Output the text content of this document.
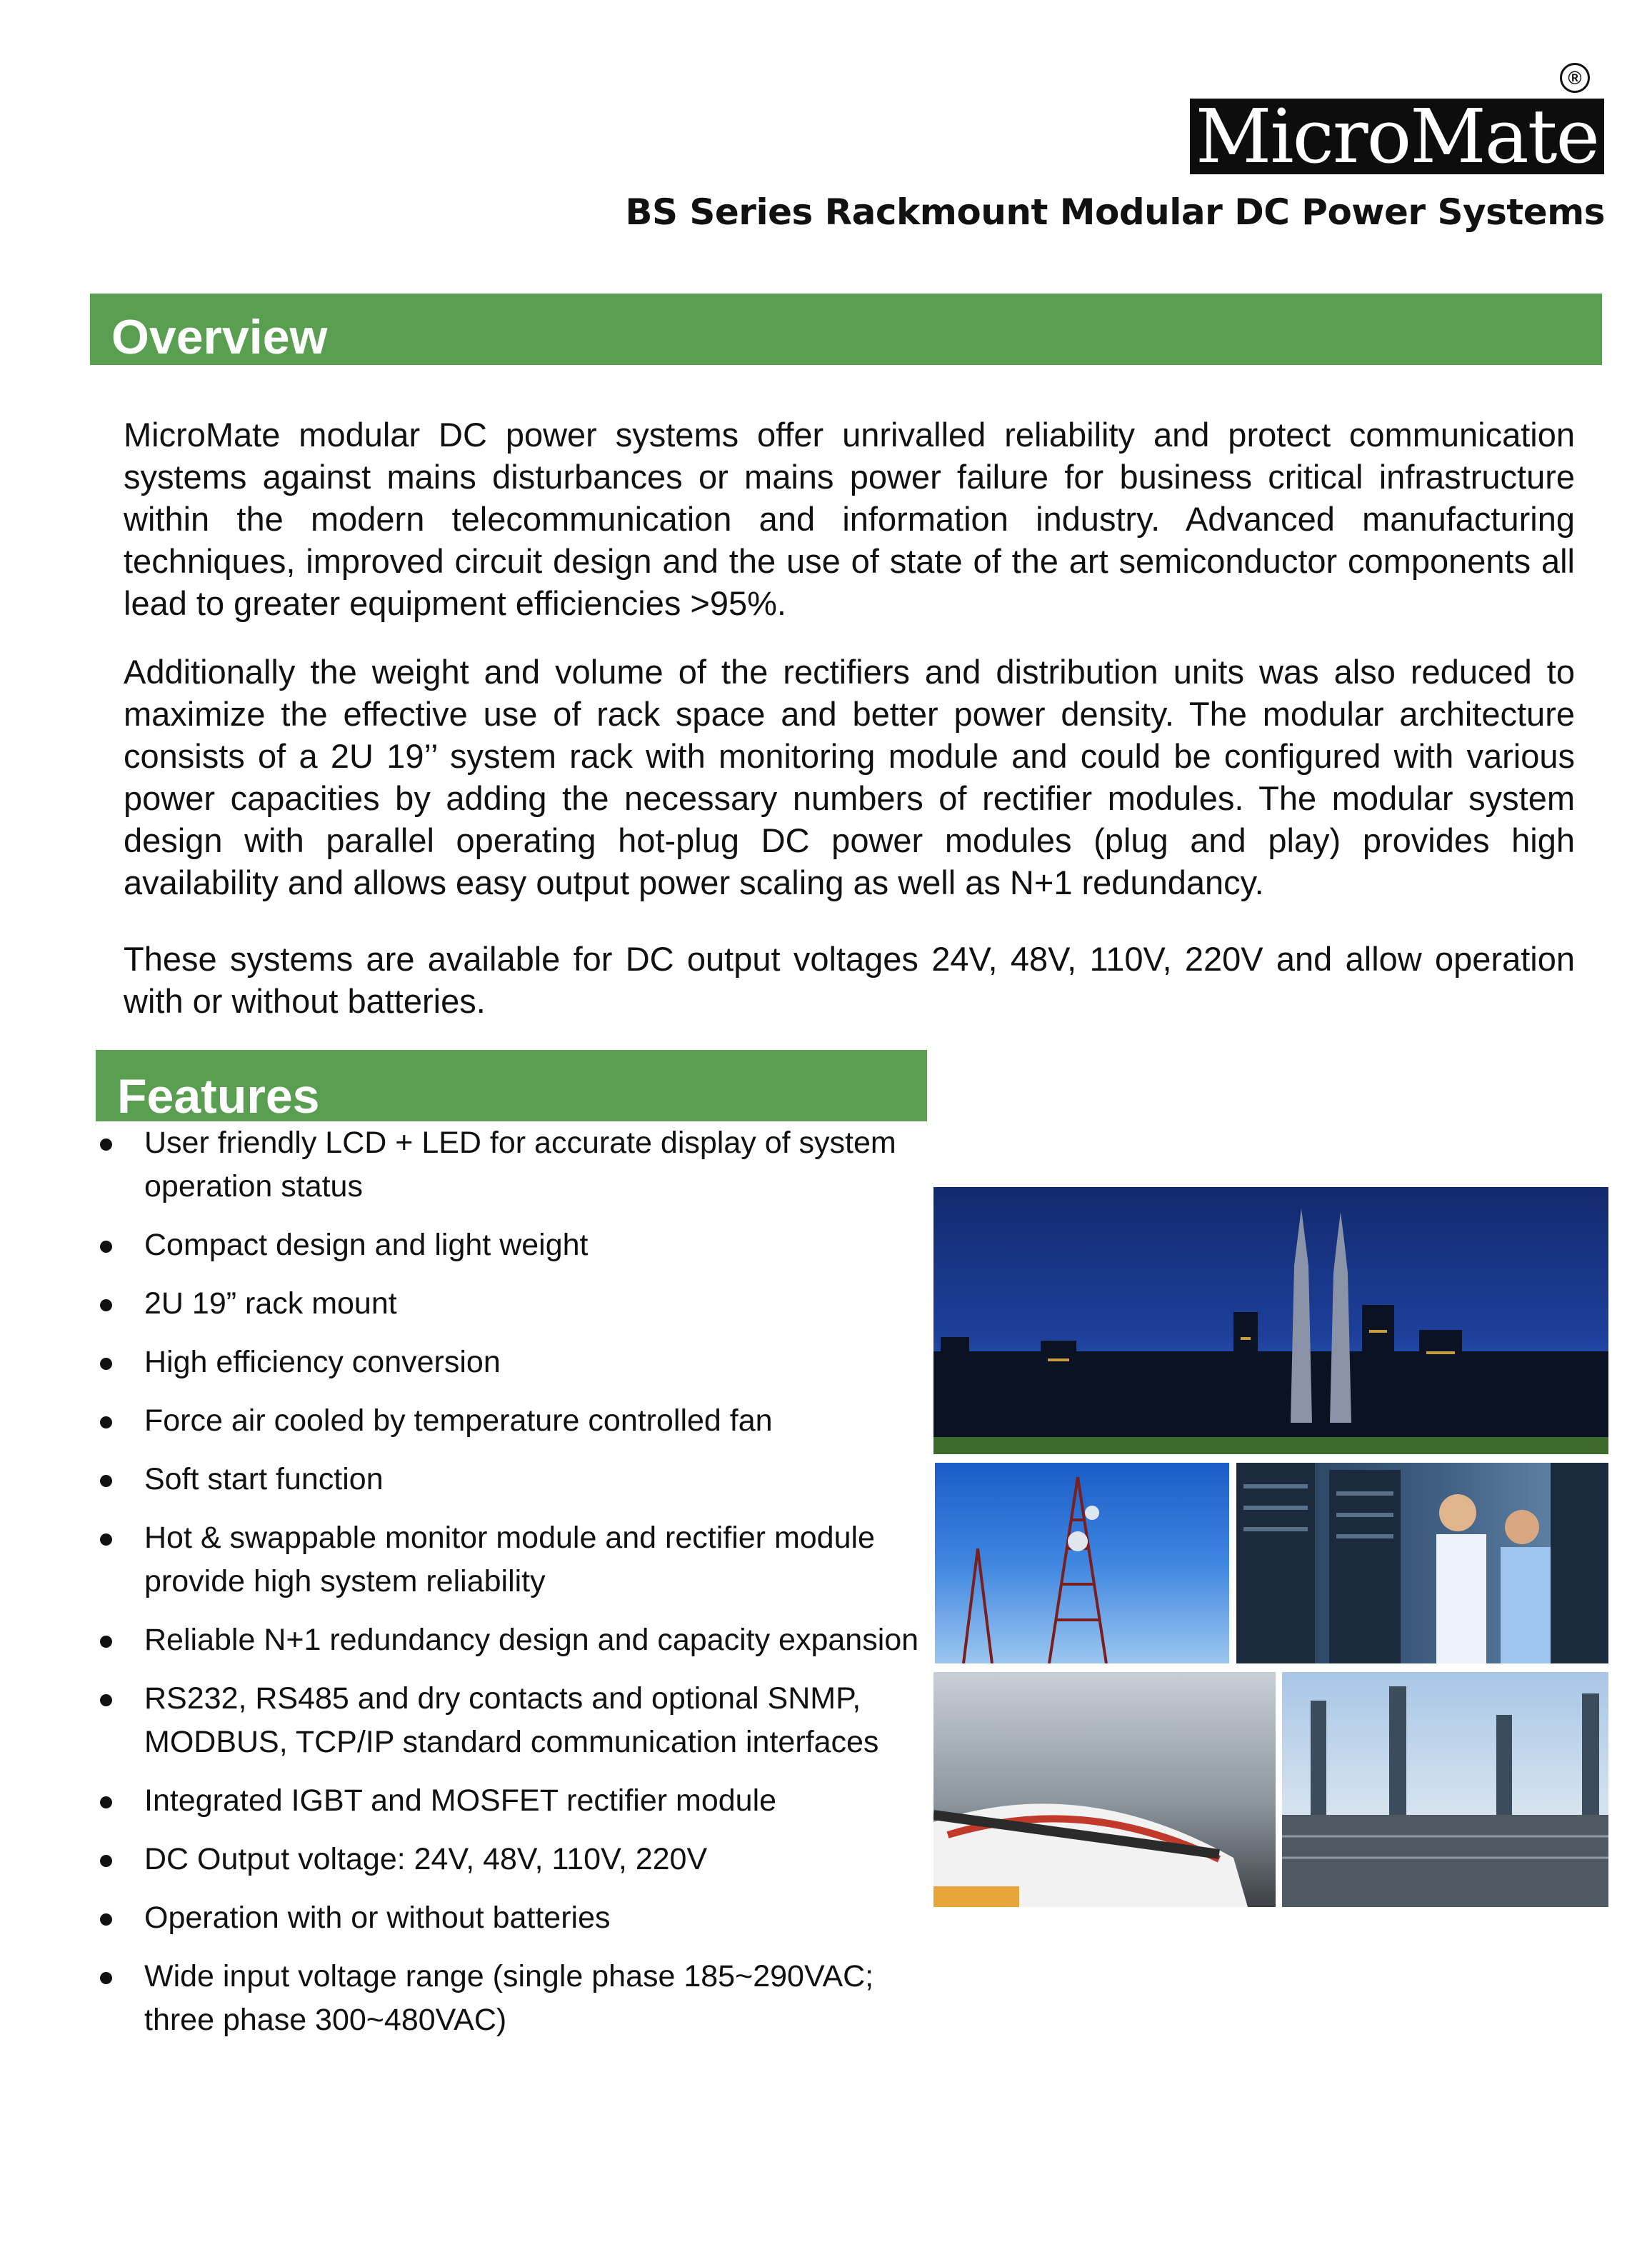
®
MicroMate
BS Series Rackmount Modular DC Power Systems
Overview

MicroMate modular DC power systems offer unrivalled reliability and protect communication systems against mains disturbances or mains power failure for business critical infrastructure within the modern telecommunication and information industry. Advanced manufacturing techniques, improved circuit design and the use of state of the art semiconductor components all lead to greater equipment efficiencies >95%.

Additionally the weight and volume of the rectifiers and distribution units was also reduced to maximize the effective use of rack space and better power density. The modular architecture consists of a 2U 19’’ system rack with monitoring module and could be configured with various power capacities by adding the necessary numbers of rectifier modules. The modular system design with parallel operating hot-plug DC power modules (plug and play) provides high availability and allows easy output power scaling as well as N+1 redundancy.

These systems are available for DC output voltages 24V, 48V, 110V, 220V and allow operation with or without batteries.

Features
User friendly LCD + LED for accurate display of system operation status
Compact design and light weight
2U 19” rack mount
High efficiency conversion
Force air cooled by temperature controlled fan
Soft start function
Hot & swappable monitor module and rectifier module provide high system reliability
Reliable N+1 redundancy design and capacity expansion
RS232, RS485 and dry contacts and optional SNMP, MODBUS, TCP/IP standard communication interfaces
Integrated IGBT and MOSFET rectifier module
DC Output voltage: 24V, 48V, 110V, 220V
Operation with or without batteries
Wide input voltage range (single phase 185~290VAC; three phase 300~480VAC)
